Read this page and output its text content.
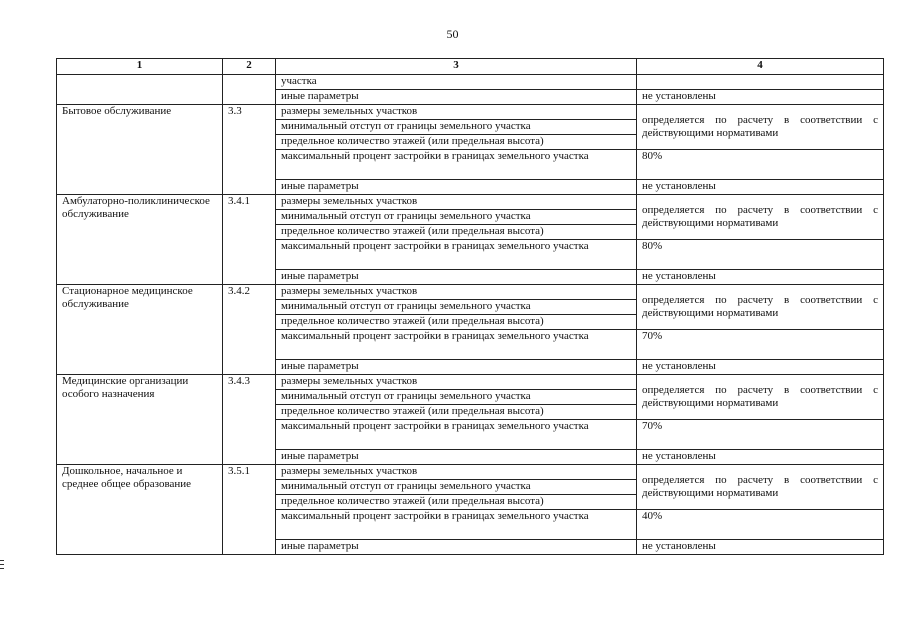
50
1	2	3	4
		участка	
		иные параметры	не установлены
Бытовое обслуживание	3.3	размеры земельных участков	определяется по расчету в соответствии с действующими нормативами
		минимальный отступ от границы земельного участка	
		предельное количество этажей (или предельная высота)	
		максимальный процент застройки в границах земельного участка	80%
		иные параметры	не установлены
Амбулаторно-поликлиническое обслуживание	3.4.1	размеры земельных участков	определяется по расчету в соответствии с действующими нормативами
		минимальный отступ от границы земельного участка	
		предельное количество этажей (или предельная высота)	
		максимальный процент застройки в границах земельного участка	80%
		иные параметры	не установлены
Стационарное медицинское обслуживание	3.4.2	размеры земельных участков	определяется по расчету в соответствии с действующими нормативами
		минимальный отступ от границы земельного участка	
		предельное количество этажей (или предельная высота)	
		максимальный процент застройки в границах земельного участка	70%
		иные параметры	не установлены
Медицинские организации особого назначения	3.4.3	размеры земельных участков	определяется по расчету в соответствии с действующими нормативами
		минимальный отступ от границы земельного участка	
		предельное количество этажей (или предельная высота)	
		максимальный процент застройки в границах земельного участка	70%
		иные параметры	не установлены
Дошкольное, начальное и среднее общее образование	3.5.1	размеры земельных участков	определяется по расчету в соответствии с действующими нормативами
		минимальный отступ от границы земельного участка	
		предельное количество этажей (или предельная высота)	
		максимальный процент застройки в границах земельного участка	40%
		иные параметры	не установлены
